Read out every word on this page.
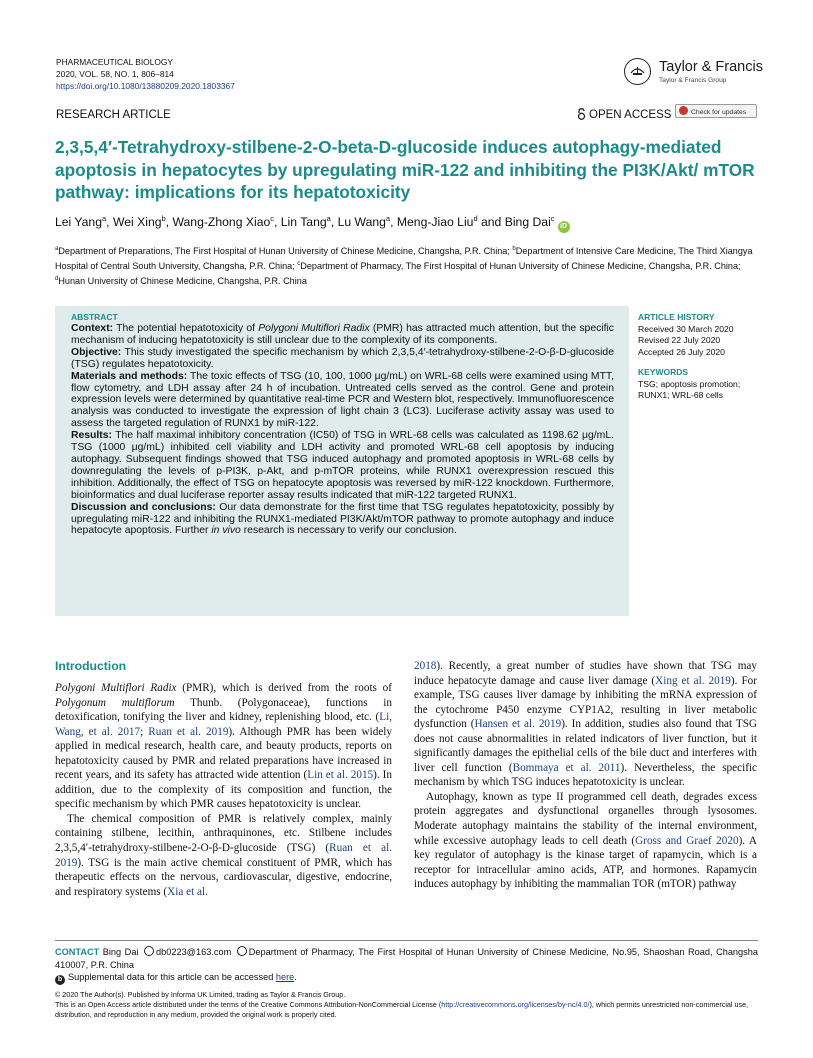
PHARMACEUTICAL BIOLOGY
2020, VOL. 58, NO. 1, 806–814
https://doi.org/10.1080/13880209.2020.1803367
Taylor & Francis
Taylor & Francis Group
RESEARCH ARTICLE	OPEN ACCESS	Check for updates
2,3,5,4′-Tetrahydroxy-stilbene-2-O-beta-D-glucoside induces autophagy-mediated apoptosis in hepatocytes by upregulating miR-122 and inhibiting the PI3K/Akt/ mTOR pathway: implications for its hepatotoxicity
Lei Yang$^a$, Wei Xing$^b$, Wang-Zhong Xiao$^c$, Lin Tang$^a$, Lu Wang$^a$, Meng-Jiao Liu$^d$ and Bing Dai$^c$iD
$^a$Department of Preparations, The First Hospital of Hunan University of Chinese Medicine, Changsha, P.R. China; $^b$Department of Intensive Care Medicine, The Third Xiangya Hospital of Central South University, Changsha, P.R. China; $^c$Department of Pharmacy, The First Hospital of Hunan University of Chinese Medicine, Changsha, P.R. China; $^d$Hunan University of Chinese Medicine, Changsha, P.R. China
ABSTRACT

Context: The potential hepatotoxicity of Polygoni Multiflori Radix (PMR) has attracted much attention, but the specific mechanism of inducing hepatotoxicity is still unclear due to the complexity of its components.

Objective: This study investigated the specific mechanism by which 2,3,5,4′-tetrahydroxy-stilbene-2-O-β-D-glucoside (TSG) regulates hepatotoxicity.

Materials and methods: The toxic effects of TSG (10, 100, 1000 μg/mL) on WRL-68 cells were examined using MTT, flow cytometry, and LDH assay after 24 h of incubation. Untreated cells served as the control. Gene and protein expression levels were determined by quantitative real-time PCR and Western blot, respectively. Immunofluorescence analysis was conducted to investigate the expression of light chain 3 (LC3). Luciferase activity assay was used to assess the targeted regulation of RUNX1 by miR-122.

Results: The half maximal inhibitory concentration (IC50) of TSG in WRL-68 cells was calculated as 1198.62 μg/mL. TSG (1000 μg/mL) inhibited cell viability and LDH activity and promoted WRL-68 cell apoptosis by inducing autophagy. Subsequent findings showed that TSG induced autophagy and promoted apoptosis in WRL-68 cells by downregulating the levels of p-PI3K, p-Akt, and p-mTOR proteins, while RUNX1 overexpression rescued this inhibition. Additionally, the effect of TSG on hepatocyte apoptosis was reversed by miR-122 knockdown. Furthermore, bioinformatics and dual luciferase reporter assay results indicated that miR-122 targeted RUNX1.

Discussion and conclusions: Our data demonstrate for the first time that TSG regulates hepatotoxicity, possibly by upregulating miR-122 and inhibiting the RUNX1-mediated PI3K/Akt/mTOR pathway to promote autophagy and induce hepatocyte apoptosis. Further in vivo research is necessary to verify our conclusion.

ARTICLE HISTORY
Received 30 March 2020
Revised 22 July 2020
Accepted 26 July 2020
KEYWORDS
TSG; apoptosis promotion; RUNX1; WRL-68 cells
Introduction

Polygoni Multiflori Radix (PMR), which is derived from the roots of Polygonum multiflorum Thunb. (Polygonaceae), functions in detoxification, tonifying the liver and kidney, replenishing blood, etc. (Li, Wang, et al. 2017; Ruan et al. 2019). Although PMR has been widely applied in medical research, health care, and beauty products, reports on hepatotoxicity caused by PMR and related preparations have increased in recent years, and its safety has attracted wide attention (Lin et al. 2015). In addition, due to the complexity of its composition and function, the specific mechanism by which PMR causes hepatotoxicity is unclear.

The chemical composition of PMR is relatively complex, mainly containing stilbene, lecithin, anthraquinones, etc. Stilbene includes 2,3,5,4′-tetrahydroxy-stilbene-2-O-β-D-glucoside (TSG) (Ruan et al. 2019). TSG is the main active chemical constituent of PMR, which has therapeutic effects on the nervous, cardiovascular, digestive, endocrine, and respiratory systems (Xia et al.

2018). Recently, a great number of studies have shown that TSG may induce hepatocyte damage and cause liver damage (Xing et al. 2019). For example, TSG causes liver damage by inhibiting the mRNA expression of the cytochrome P450 enzyme CYP1A2, resulting in liver metabolic dysfunction (Hansen et al. 2019). In addition, studies also found that TSG does not cause abnormalities in related indicators of liver function, but it significantly damages the epithelial cells of the bile duct and interferes with liver cell function (Bommaya et al. 2011). Nevertheless, the specific mechanism by which TSG induces hepatotoxicity is unclear.

Autophagy, known as type II programmed cell death, degrades excess protein aggregates and dysfunctional organelles through lysosomes. Moderate autophagy maintains the stability of the internal environment, while excessive autophagy leads to cell death (Gross and Graef 2020). A key regulator of autophagy is the kinase target of rapamycin, which is a receptor for intracellular amino acids, ATP, and hormones. Rapamycin induces autophagy by inhibiting the mammalian TOR (mTOR) pathway

CONTACT Bing Dai db0223@163.com Department of Pharmacy, The First Hospital of Hunan University of Chinese Medicine, No.95, Shaoshan Road, Changsha 410007, P.R. China
b Supplemental data for this article can be accessed here.
© 2020 The Author(s). Published by Informa UK Limited, trading as Taylor & Francis Group.
This is an Open Access article distributed under the terms of the Creative Commons Attribution-NonCommercial License (http://creativecommons.org/licenses/by-nc/4.0/), which permits unrestricted non-commercial use, distribution, and reproduction in any medium, provided the original work is properly cited.
